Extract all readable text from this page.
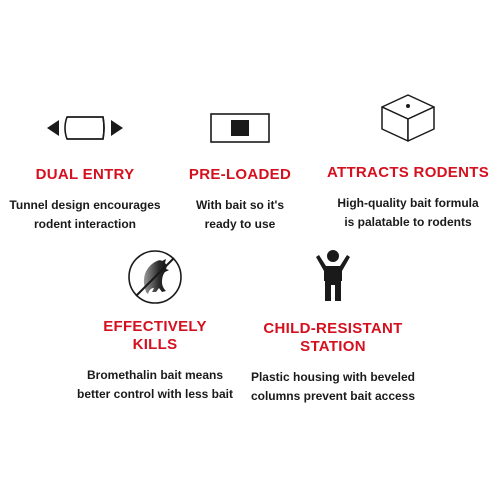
DUAL ENTRY
Tunnel design encourages
rodent interaction
PRE-LOADED
With bait so it's
ready to use
ATTRACTS RODENTS
High-quality bait formula
is palatable to rodents
EFFECTIVELY
KILLS
Bromethalin bait means
better control with less bait
CHILD-RESISTANT
STATION
Plastic housing with beveled
columns prevent bait access
